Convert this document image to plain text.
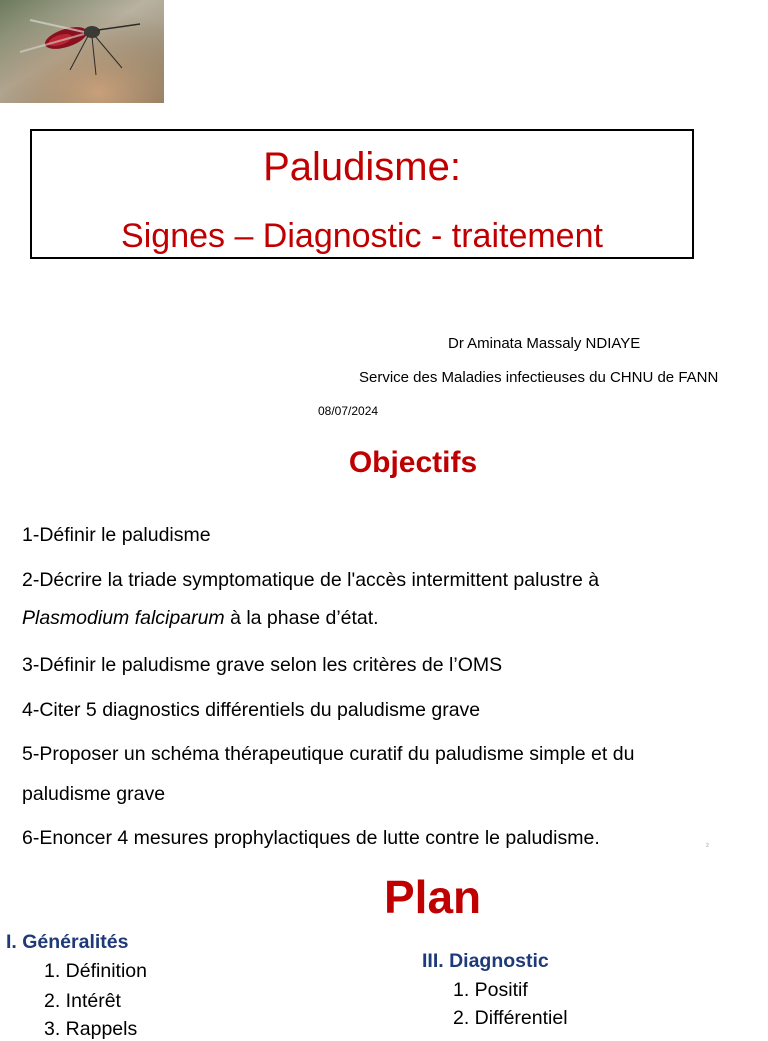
Paludisme:
Signes – Diagnostic - traitement
Dr Aminata Massaly NDIAYE
Service des Maladies infectieuses du CHNU de FANN
08/07/2024
Objectifs
1-Définir le paludisme
2-Décrire la triade symptomatique de l'accès intermittent palustre à
Plasmodium falciparum à la phase d’état.
3-Définir le paludisme grave selon les critères de l’OMS
4-Citer 5 diagnostics différentiels du paludisme grave
5-Proposer un schéma thérapeutique curatif du paludisme simple et du
paludisme grave
6-Enoncer 4 mesures prophylactiques de lutte contre le paludisme.	2
Plan
I. Généralités
1. Définition
2. Intérêt
3. Rappels
III. Diagnostic
1. Positif
2. Différentiel
